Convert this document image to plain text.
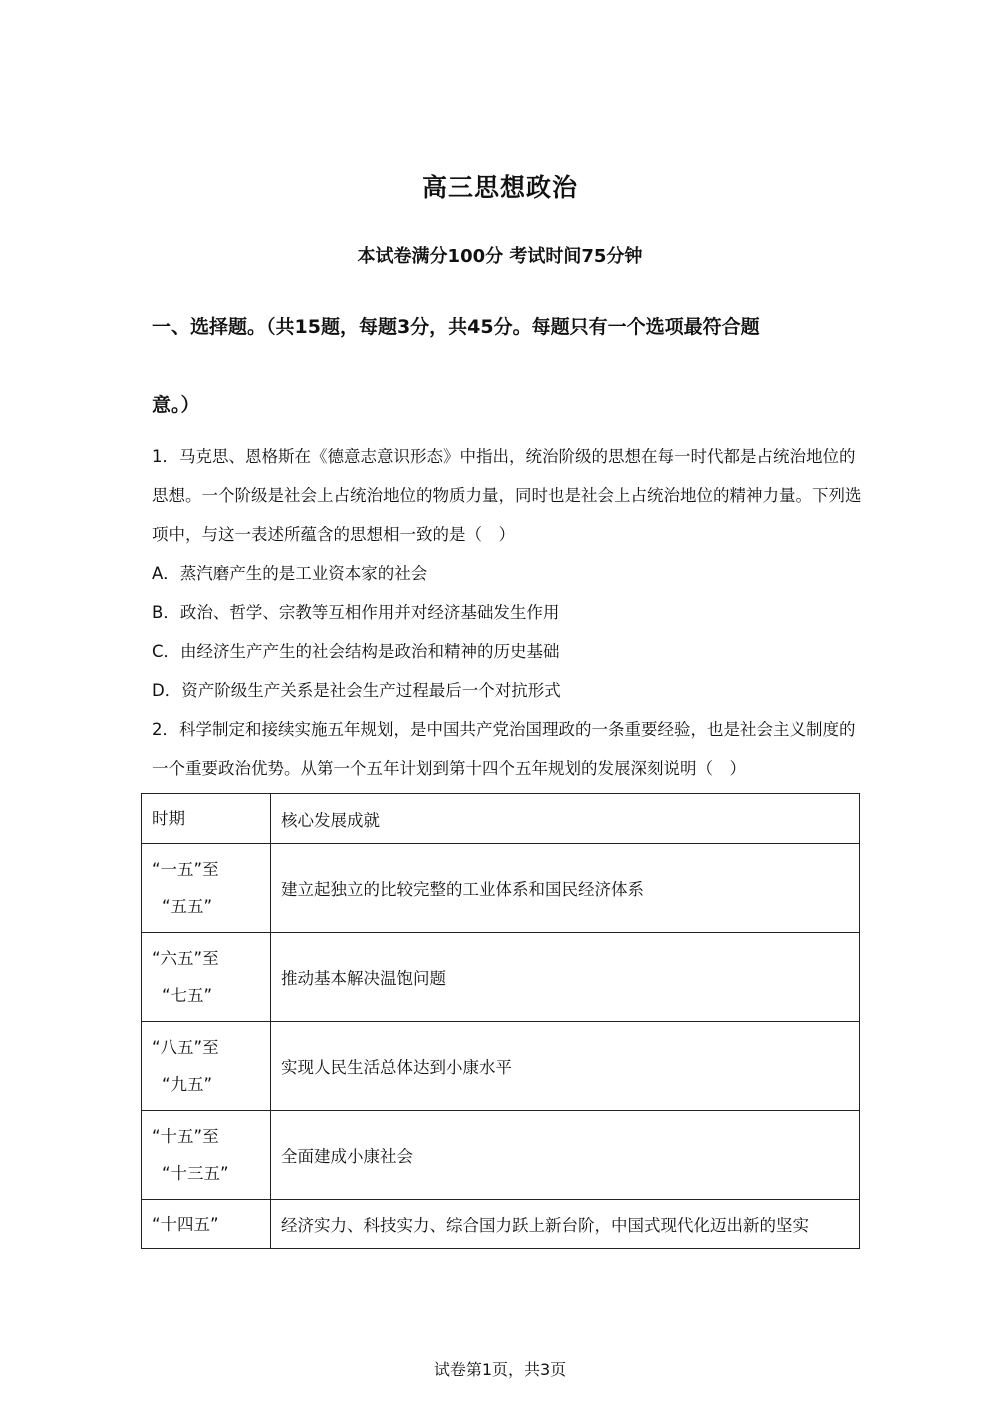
高三思想政治
本试卷满分100分 考试时间75分钟
一、选择题。（共15题，每题3分，共45分。每题只有一个选项最符合题
意。）
1．马克思、恩格斯在《德意志意识形态》中指出，统治阶级的思想在每一时代都是占统治地位的思想。一个阶级是社会上占统治地位的物质力量，同时也是社会上占统治地位的精神力量。下列选项中，与这一表述所蕴含的思想相一致的是（　）
A．蒸汽磨产生的是工业资本家的社会
B．政治、哲学、宗教等互相作用并对经济基础发生作用
C．由经济生产产生的社会结构是政治和精神的历史基础
D．资产阶级生产关系是社会生产过程最后一个对抗形式
2．科学制定和接续实施五年规划，是中国共产党治国理政的一条重要经验，也是社会主义制度的一个重要政治优势。从第一个五年计划到第十四个五年规划的发展深刻说明（　）
时期	核心发展成就

“一五”至
“五五”	建立起独立的比较完整的工业体系和国民经济体系

“六五”至
“七五”	推动基本解决温饱问题

“八五”至
“九五”	实现人民生活总体达到小康水平

“十五”至
“十三五”	全面建成小康社会
“十四五”	经济实力、科技实力、综合国力跃上新台阶，中国式现代化迈出新的坚实
试卷第1页，共3页
